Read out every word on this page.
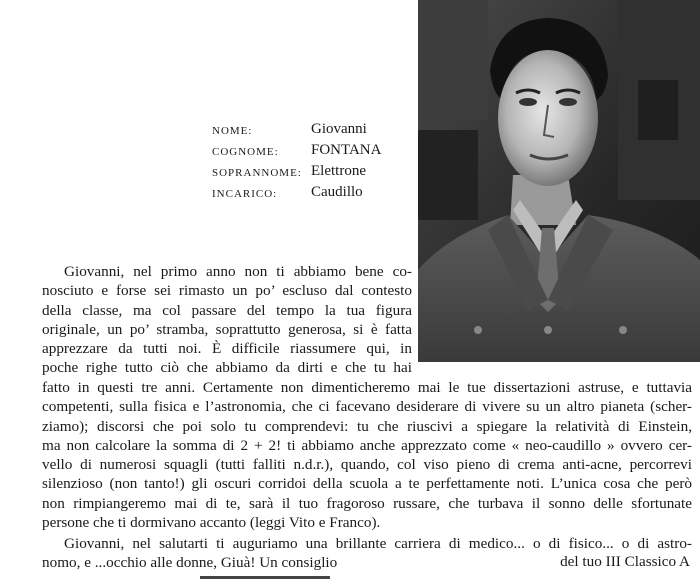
NOME:	Giovanni
COGNOME: FONTANA
SOPRANNOME: Elettrone
INCARICO: Caudillo
Giovanni, nel primo anno non ti abbiamo bene co-
nosciuto e forse sei rimasto un po’ escluso dal contesto
della classe, ma col passare del tempo la tua figura
originale, un po’ stramba, soprattutto generosa, si è fatta
apprezzare da tutti noi. È difficile riassumere qui, in
poche righe tutto ciò che abbiamo da dirti e che tu hai
fatto in questi tre anni. Certamente non dimenticheremo mai le tue dissertazioni astruse, e tuttavia
competenti, sulla fisica e l’astronomia, che ci facevano desiderare di vivere su un altro pianeta (scher-
ziamo); discorsi che poi solo tu comprendevi: tu che riuscivi a spiegare la relatività di Einstein,
ma non calcolare la somma di 2 + 2! ti abbiamo anche apprezzato come « neo-caudillo » ovvero cer-
vello di numerosi squagli (tutti falliti n.d.r.), quando, col viso pieno di crema anti-acne, percorrevi
silenzioso (non tanto!) gli oscuri corridoi della scuola a te perfettamente noti. L’unica cosa che però
non rimpiangeremo mai di te, sarà il tuo fragoroso russare, che turbava il sonno delle sfortunate
persone che ti dormivano accanto (leggi Vito e Franco).
Giovanni, nel salutarti ti auguriamo una brillante carriera di medico... o di fisico... o di astro-
nomo, e ...occhio alle donne, Giuà! Un consiglio	del tuo III Classico A
